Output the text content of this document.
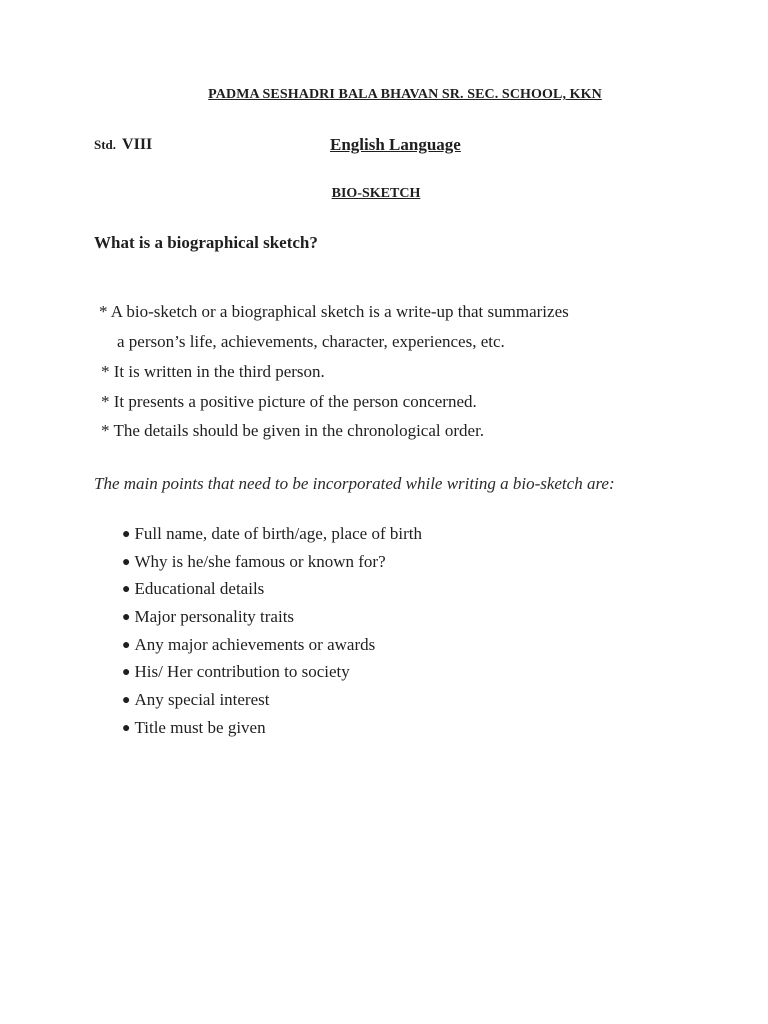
PADMA SESHADRI BALA BHAVAN SR. SEC. SCHOOL, KKN
Std. VIII	English Language
BIO-SKETCH
What is a biographical sketch?
* A bio-sketch or a biographical sketch is a write-up that summarizes
a person’s life, achievements, character, experiences, etc.
* It is written in the third person.
* It presents a positive picture of the person concerned.
* The details should be given in the chronological order.
The main points that need to be incorporated while writing a bio-sketch are:
● Full name, date of birth/age, place of birth
● Why is he/she famous or known for?
● Educational details
● Major personality traits
● Any major achievements or awards
● His/ Her contribution to society
● Any special interest
● Title must be given
